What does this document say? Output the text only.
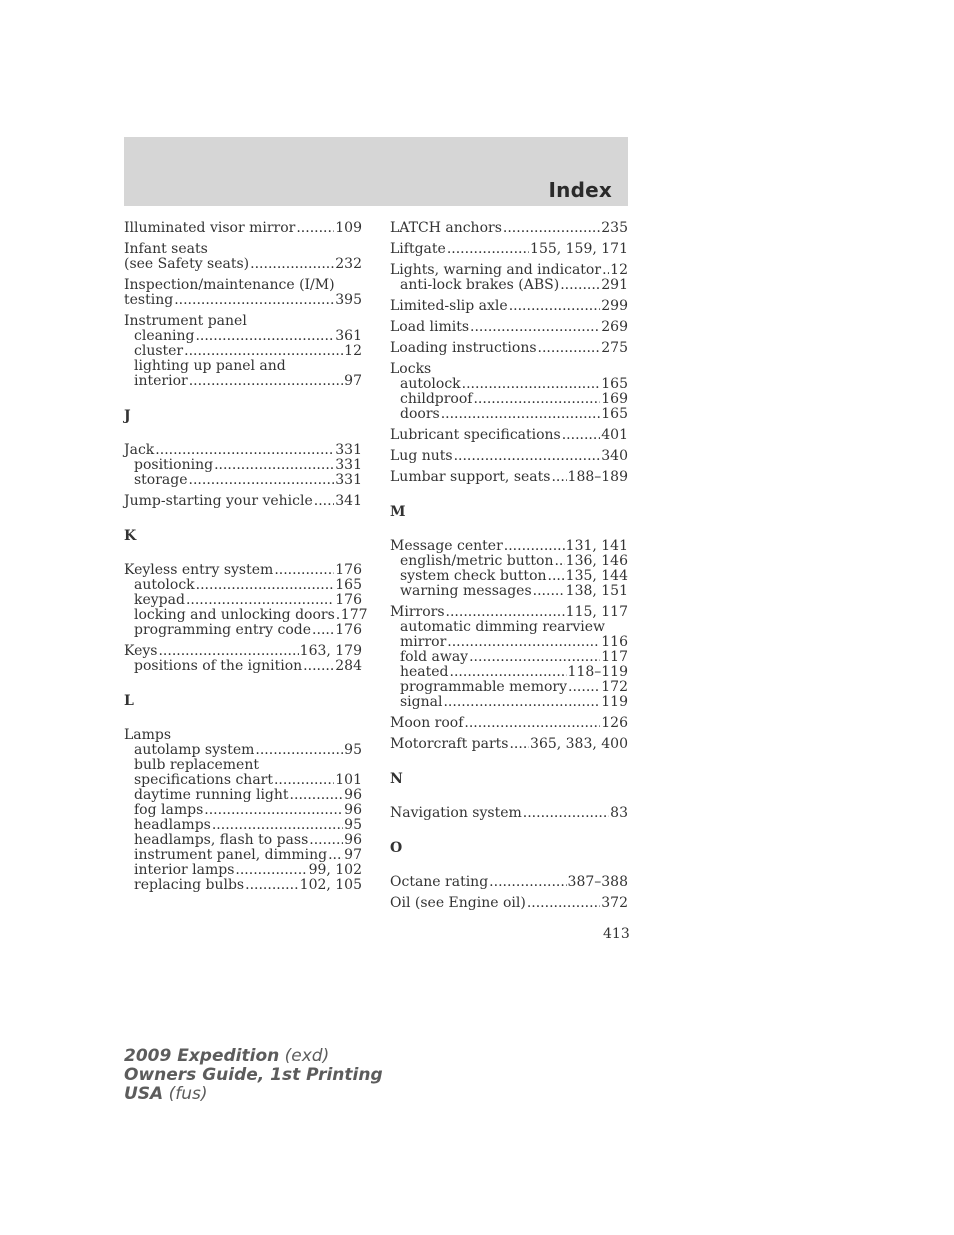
Index
Illuminated visor mirror .....	109
Infant seats
(see Safety seats) .....	232
Inspection/maintenance (I/M)
testing .....	395
Instrument panel
cleaning .....	361
cluster .....	12
lighting up panel and
interior .....	97
J
Jack .....	331
positioning .....	331
storage .....	331
Jump-starting your vehicle ..... 341
K
Keyless entry system .....	176
autolock .....	165
keypad .....	176
locking and unlocking doors ..... 177
programming entry code ..... 176
Keys .....	163, 179
positions of the ignition ..... 284
L
Lamps
autolamp system .....	95
bulb replacement
specifications chart .....	101
daytime running light .....	96
fog lamps .....	96
headlamps .....	95
headlamps, flash to pass .....	96
instrument panel, dimming ..... 97
interior lamps .....	99, 102
replacing bulbs .....	102, 105
LATCH anchors .....	235
Liftgate .....	155, 159, 171
Lights, warning and indicator ..... 12
anti-lock brakes (ABS) .....	291
Limited-slip axle .....	299
Load limits .....	269
Loading instructions .....	275
Locks
autolock .....	165
childproof .....	169
doors .....	165
Lubricant specifications .....	401
Lug nuts .....	340
Lumbar support, seats ..... 188–189
M
Message center .....	131, 141
english/metric button ..... 136, 146
system check button ..... 135, 144
warning messages ..... 138, 151
Mirrors .....	115, 117
automatic dimming rearview
mirror .....	116
fold away .....	117
heated .....	118–119
programmable memory ..... 172
signal .....	119
Moon roof .....	126
Motorcraft parts ..... 365, 383, 400
N
Navigation system .....	83
O
Octane rating .....	387–388
Oil (see Engine oil) .....	372
413
2009 Expedition (exd)
Owners Guide, 1st Printing
USA (fus)
